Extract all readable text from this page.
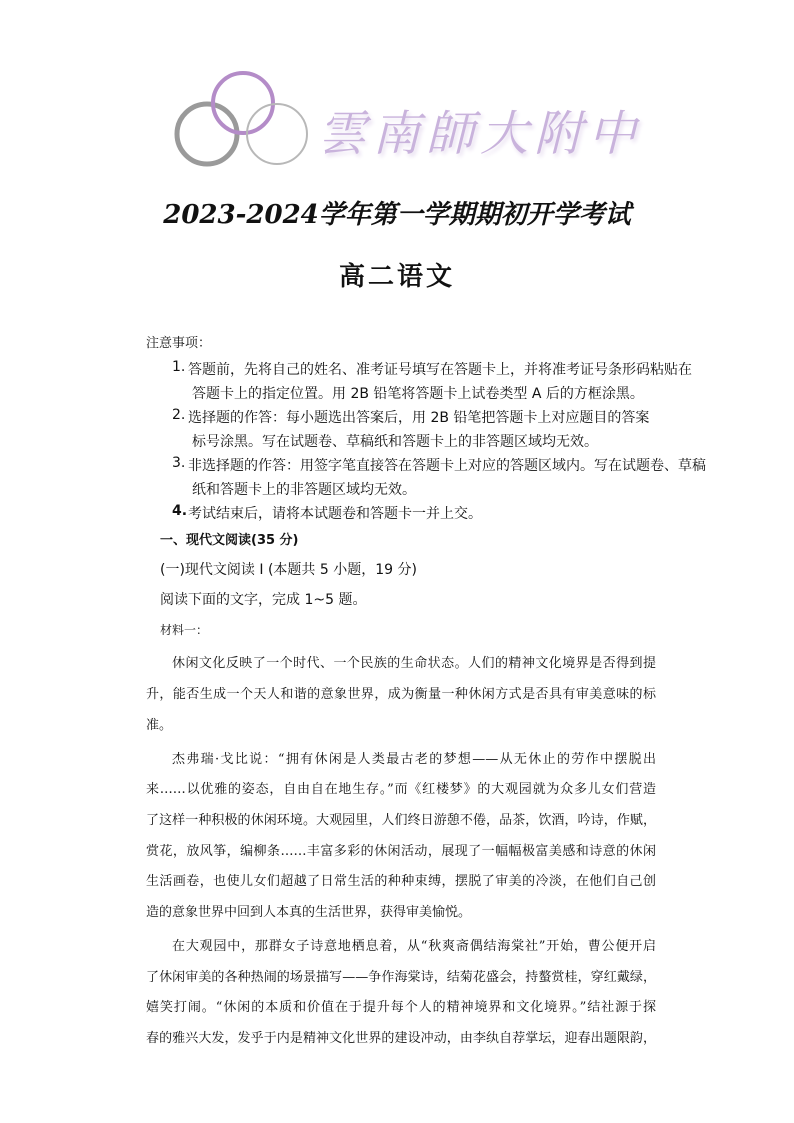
雲南師大附中
2023-2024学年第一学期期初开学考试
高二语文
注意事项：
1. 答题前，先将自己的姓名、准考证号填写在答题卡上，并将准考证号条形码粘贴在
答题卡上的指定位置。用 2B 铅笔将答题卡上试卷类型 A 后的方框涂黑。
2. 选择题的作答：每小题选出答案后，用 2B 铅笔把答题卡上对应题目的答案
标号涂黑。写在试题卷、草稿纸和答题卡上的非答题区域均无效。
3. 非选择题的作答：用签字笔直接答在答题卡上对应的答题区域内。写在试题卷、草稿
纸和答题卡上的非答题区域均无效。
4. 考试结束后，请将本试题卷和答题卡一并上交。
一、现代文阅读(35 分)
(一)现代文阅读 I (本题共 5 小题，19 分)
阅读下面的文字，完成 1~5 题。
材料一：
休闲文化反映了一个时代、一个民族的生命状态。人们的精神文化境界是否得到提
升，能否生成一个天人和谐的意象世界，成为衡量一种休闲方式是否具有审美意味的标
准。
杰弗瑞·戈比说：“拥有休闲是人类最古老的梦想——从无休止的劳作中摆脱出
来……以优雅的姿态，自由自在地生存。”而《红楼梦》的大观园就为众多儿女们营造
了这样一种积极的休闲环境。大观园里，人们终日游憩不倦，品茶，饮酒，吟诗，作赋，
赏花，放风筝，编柳条……丰富多彩的休闲活动，展现了一幅幅极富美感和诗意的休闲
生活画卷，也使儿女们超越了日常生活的种种束缚，摆脱了审美的冷淡，在他们自己创
造的意象世界中回到人本真的生活世界，获得审美愉悦。
在大观园中，那群女子诗意地栖息着，从“秋爽斋偶结海棠社”开始，曹公便开启
了休闲审美的各种热闹的场景描写——争作海棠诗，结菊花盛会，持螯赏桂，穿红戴绿，
嬉笑打闹。“休闲的本质和价值在于提升每个人的精神境界和文化境界。”结社源于探
春的雅兴大发，发乎于内是精神文化世界的建设冲动，由李纨自荐掌坛，迎春出题限韵，
